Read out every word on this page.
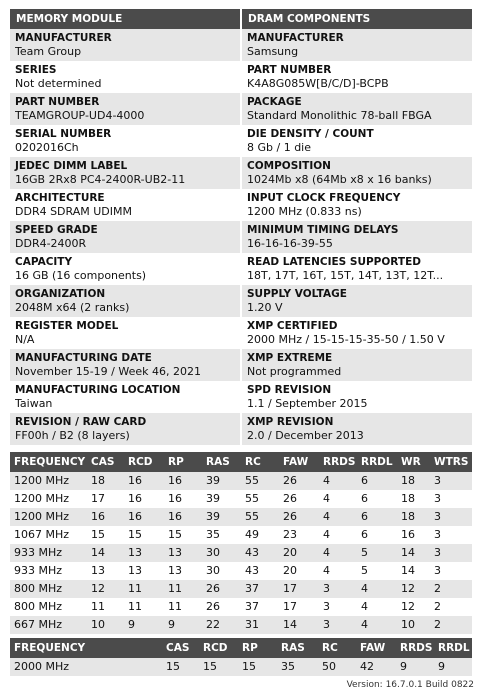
MEMORY MODULE	DRAM COMPONENTS
MANUFACTURER
Team Group
SERIES
Not determined
PART NUMBER
TEAMGROUP-UD4-4000
SERIAL NUMBER
0202016Ch
JEDEC DIMM LABEL
16GB 2Rx8 PC4-2400R-UB2-11
ARCHITECTURE
DDR4 SDRAM UDIMM
SPEED GRADE
DDR4-2400R
CAPACITY
16 GB (16 components)
ORGANIZATION
2048M x64 (2 ranks)
REGISTER MODEL
N/A
MANUFACTURING DATE
November 15-19 / Week 46, 2021
MANUFACTURING LOCATION
Taiwan
REVISION / RAW CARD
FF00h / B2 (8 layers)
MANUFACTURER
Samsung
PART NUMBER
K4A8G085W[B/C/D]-BCPB
PACKAGE
Standard Monolithic 78-ball FBGA
DIE DENSITY / COUNT
8 Gb / 1 die
COMPOSITION
1024Mb x8 (64Mb x8 x 16 banks)
INPUT CLOCK FREQUENCY
1200 MHz (0.833 ns)
MINIMUM TIMING DELAYS
16-16-16-39-55
READ LATENCIES SUPPORTED
18T, 17T, 16T, 15T, 14T, 13T, 12T...
SUPPLY VOLTAGE
1.20 V
XMP CERTIFIED
2000 MHz / 15-15-15-35-50 / 1.50 V
XMP EXTREME
Not programmed
SPD REVISION
1.1 / September 2015
XMP REVISION
2.0 / December 2013
FREQUENCY	CAS	RCD	RP	RAS	RC	FAW	RRDS	RRDL	WR	WTRS
1200 MHz	18	16	16	39	55	26	4	6	18	3
1200 MHz	17	16	16	39	55	26	4	6	18	3
1200 MHz	16	16	16	39	55	26	4	6	18	3
1067 MHz	15	15	15	35	49	23	4	6	16	3
933 MHz	14	13	13	30	43	20	4	5	14	3
933 MHz	13	13	13	30	43	20	4	5	14	3
800 MHz	12	11	11	26	37	17	3	4	12	2
800 MHz	11	11	11	26	37	17	3	4	12	2
667 MHz	10	9	9	22	31	14	3	4	10	2
FREQUENCY	CAS	RCD	RP	RAS	RC	FAW	RRDS	RRDL
2000 MHz	15	15	15	35	50	42	9	9
Version: 16.7.0.1 Build 0822
